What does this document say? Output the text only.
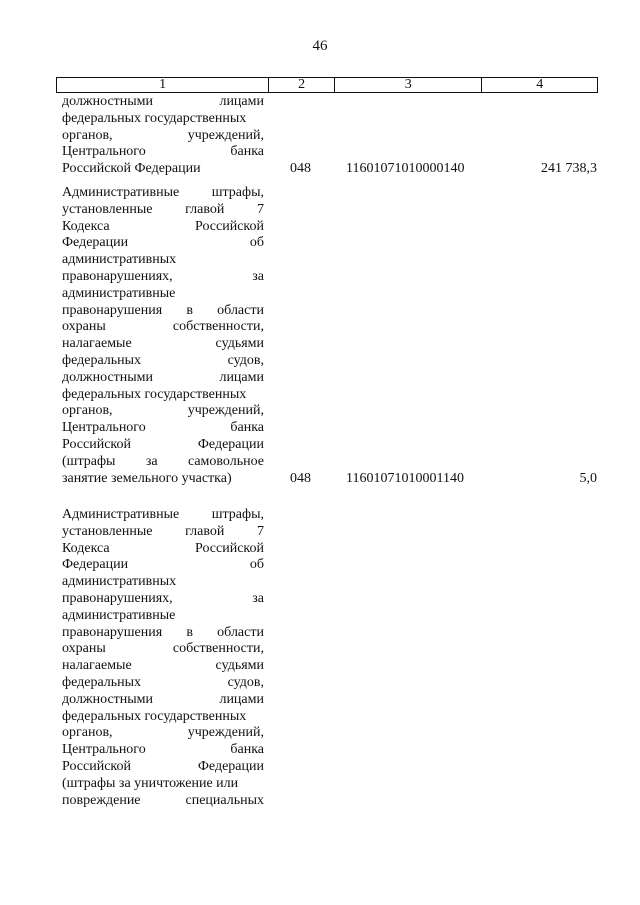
46
1	2	3	4
должностными	лицами
федеральных государственных
органов,	учреждений,
Центрального	банка
Российской Федерации	048	11601071010000140	241 738,3
Административные штрафы,
установленные главой 7
Кодекса	Российской
Федерации	об
административных
правонарушениях,	за
административные
правонарушения в области
охраны	собственности,
налагаемые	судьями
федеральных	судов,
должностными	лицами
федеральных государственных
органов,	учреждений,
Центрального	банка
Российской	Федерации
(штрафы за самовольное
занятие земельного участка)	048	11601071010001140	5,0
Административные штрафы,
установленные главой 7
Кодекса	Российской
Федерации	об
административных
правонарушениях,	за
административные
правонарушения в области
охраны	собственности,
налагаемые	судьями
федеральных	судов,
должностными	лицами
федеральных государственных
органов,	учреждений,
Центрального	банка
Российской	Федерации
(штрафы за уничтожение или
повреждение	специальных
